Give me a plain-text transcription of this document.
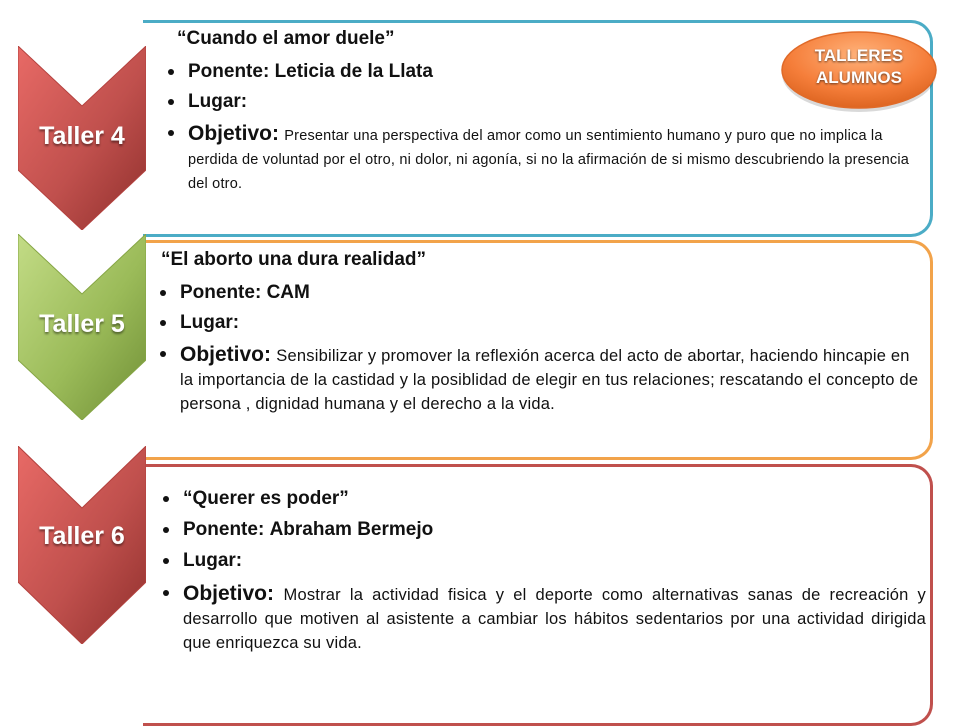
Taller 4
Taller 5
Taller 6
“Cuando el amor duele”
Ponente: Leticia de la Llata
Lugar:
Objetivo: Presentar una perspectiva del amor como un sentimiento humano y puro que no implica la perdida de voluntad por el otro, ni dolor, ni agonía, si no la afirmación de si mismo descubriendo la presencia del otro.
“El aborto una dura realidad”
Ponente: CAM
Lugar:
Objetivo: Sensibilizar y promover la reflexión acerca del acto de abortar, haciendo hincapie en la importancia de la castidad y la posiblidad de elegir en tus relaciones; rescatando el concepto de persona , dignidad humana y el derecho a la vida.
“Querer es poder”
Ponente: Abraham Bermejo
Lugar:
Objetivo: Mostrar la actividad fisica y el deporte como alternativas sanas de recreación y desarrollo que motiven al asistente a cambiar los hábitos sedentarios por una actividad dirigida que enriquezca su vida.
TALLERES
ALUMNOS
